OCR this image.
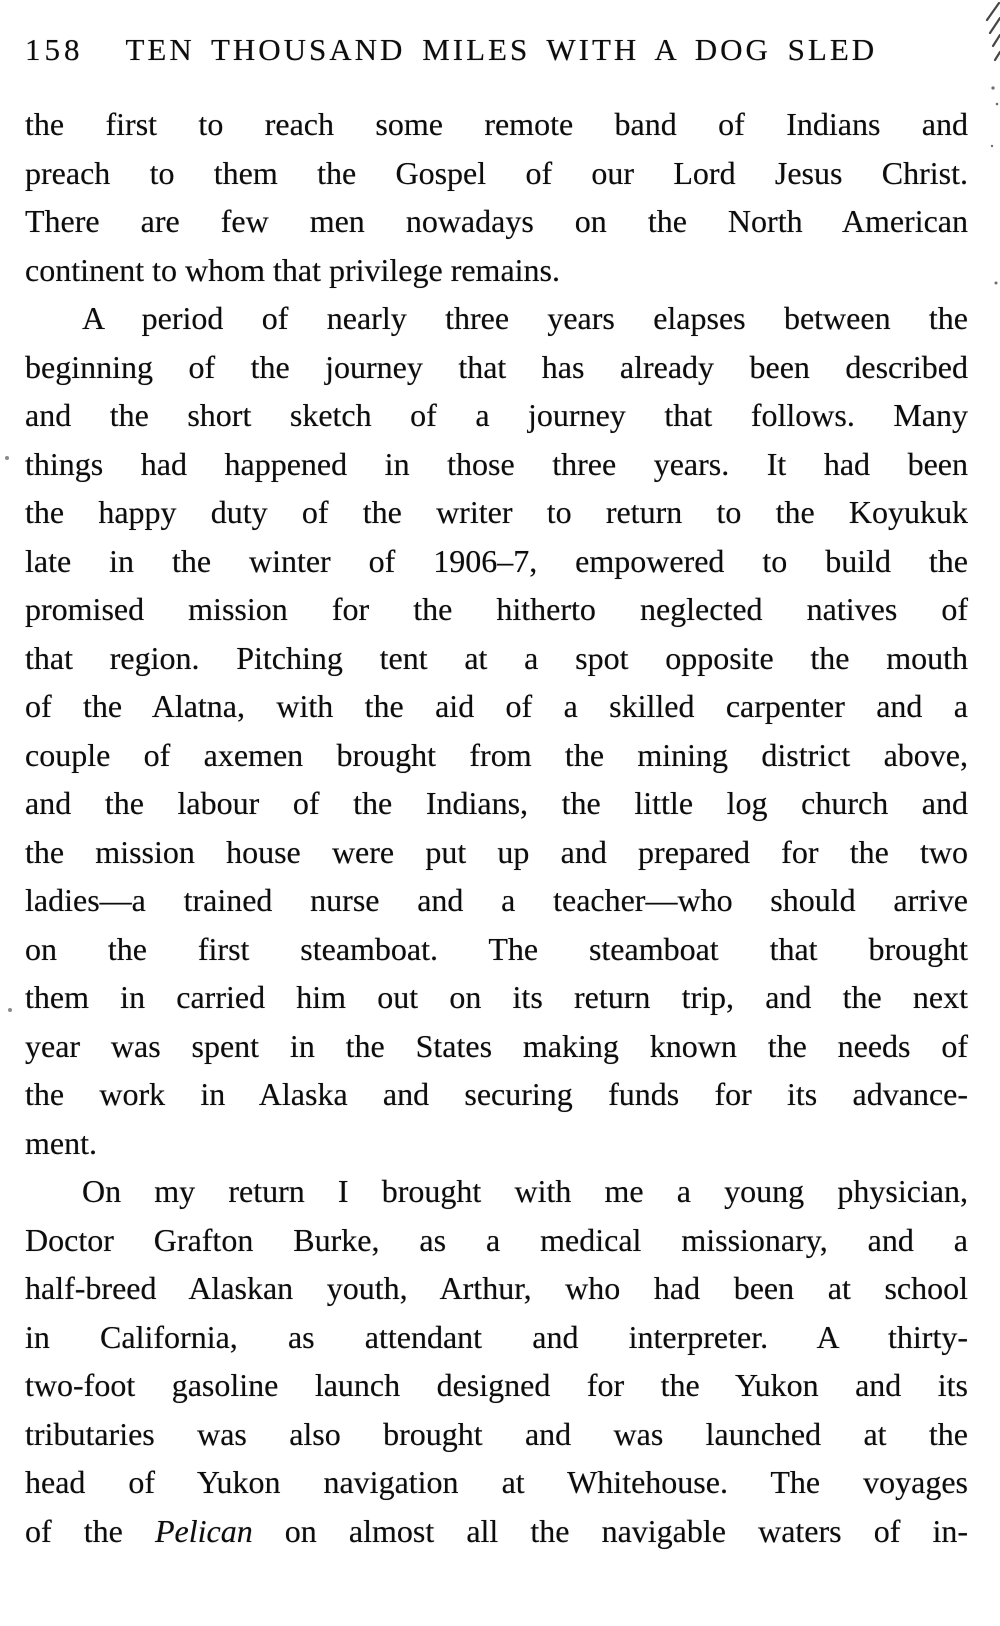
158 TEN THOUSAND MILES WITH A DOG SLED
the first to reach some remote band of Indians and
preach to them the Gospel of our Lord Jesus Christ.
There are few men nowadays on the North American
continent to whom that privilege remains.
A period of nearly three years elapses between the
beginning of the journey that has already been described
and the short sketch of a journey that follows. Many
things had happened in those three years. It had been
the happy duty of the writer to return to the Koyukuk
late in the winter of 1906–7, empowered to build the
promised mission for the hitherto neglected natives of
that region. Pitching tent at a spot opposite the mouth
of the Alatna, with the aid of a skilled carpenter and a
couple of axemen brought from the mining district above,
and the labour of the Indians, the little log church and
the mission house were put up and prepared for the two
ladies—a trained nurse and a teacher—who should arrive
on the first steamboat. The steamboat that brought
them in carried him out on its return trip, and the next
year was spent in the States making known the needs of
the work in Alaska and securing funds for its advance-
ment.
On my return I brought with me a young physician,
Doctor Grafton Burke, as a medical missionary, and a
half-breed Alaskan youth, Arthur, who had been at school
in California, as attendant and interpreter. A thirty-
two-foot gasoline launch designed for the Yukon and its
tributaries was also brought and was launched at the
head of Yukon navigation at Whitehouse. The voyages
of the Pelican on almost all the navigable waters of in-
